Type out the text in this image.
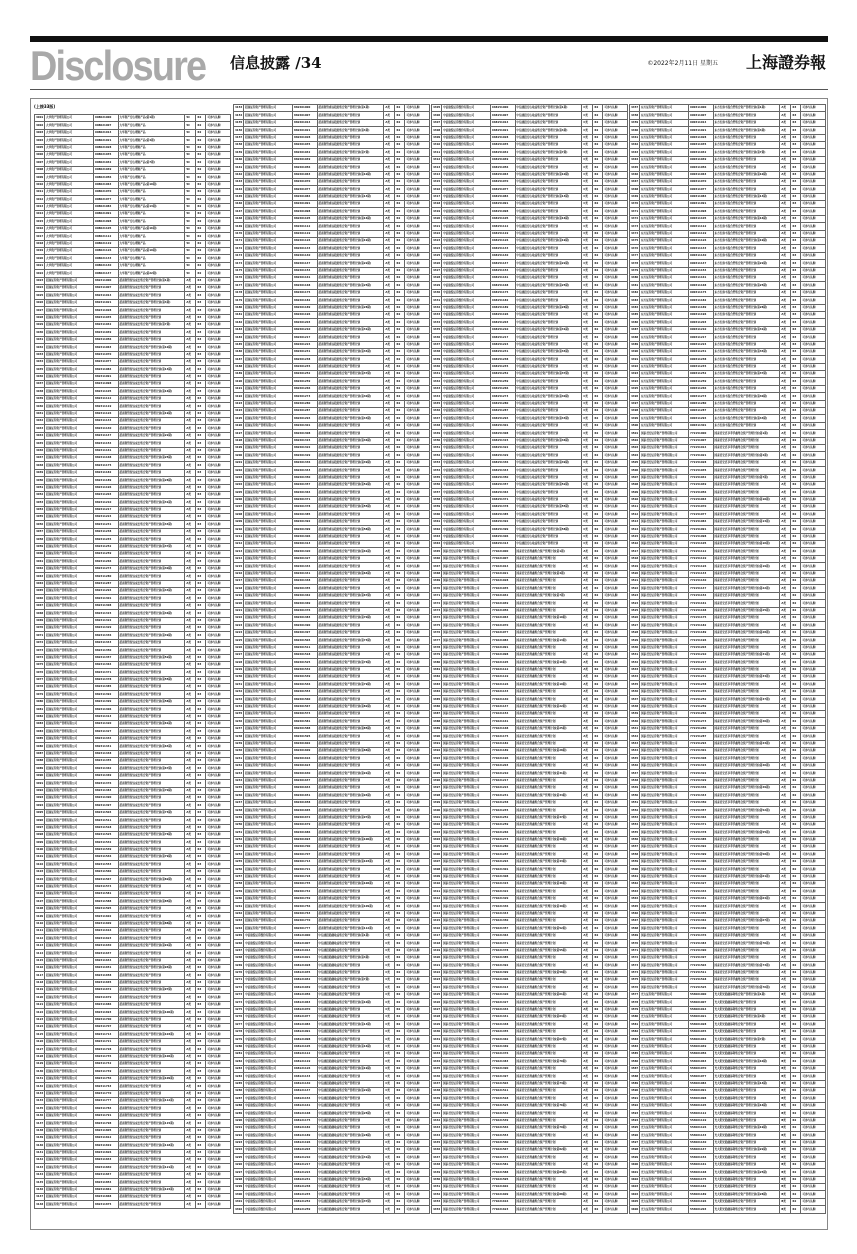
Disclosure 信息披露 /34	©2022年2月11日 星期五 上海證券報
(上接33版)
4001	大华资产管理有限公司	008021000	大华资产安心理财产品(第1期)	5C	R2	可参与认购
4002	大华资产管理有限公司	008021007	大华资产安心理财产品	5C	R2	可参与认购
4003	大华资产管理有限公司	008021014	大华资产安心理财产品	5C	R2	可参与认购
4004	大华资产管理有限公司	008021021	大华资产安心理财产品(第4期)	5C	R2	可参与认购
4005	大华资产管理有限公司	008021028	大华资产安心理财产品	5C	R2	可参与认购
4006	大华资产管理有限公司	008021035	大华资产安心理财产品	5C	R2	可参与认购
4007	大华资产管理有限公司	008021042	大华资产安心理财产品(第7期)	5C	R2	可参与认购
4008	大华资产管理有限公司	008021049	大华资产安心理财产品	5C	R2	可参与认购
4009	大华资产管理有限公司	008021056	大华资产安心理财产品	5C	R2	可参与认购
4010	大华资产管理有限公司	008021063	大华资产安心理财产品(第10期)	5C	R2	可参与认购
4011	大华资产管理有限公司	008021070	大华资产安心理财产品	5C	R2	可参与认购
4012	大华资产管理有限公司	008021077	大华资产安心理财产品	5C	R2	可参与认购
4013	大华资产管理有限公司	008021084	大华资产安心理财产品(第13期)	5C	R2	可参与认购
4014	大华资产管理有限公司	008021091	大华资产安心理财产品	5C	R2	可参与认购
4015	大华资产管理有限公司	008021098	大华资产安心理财产品	5C	R2	可参与认购
4016	大华资产管理有限公司	008021105	大华资产安心理财产品(第16期)	5C	R2	可参与认购
4017	大华资产管理有限公司	008021112	大华资产安心理财产品	5C	R2	可参与认购
4018	大华资产管理有限公司	008021119	大华资产安心理财产品	5C	R2	可参与认购
4019	大华资产管理有限公司	008021126	大华资产安心理财产品(第19期)	5C	R2	可参与认购
4020	大华资产管理有限公司	008021133	大华资产安心理财产品	5C	R2	可参与认购
4021	大华资产管理有限公司	008021140	大华资产安心理财产品	5C	R2	可参与认购
4022	大华资产管理有限公司	008021147	大华资产安心理财产品(第22期)	5C	R2	可参与认购
4023	招商证券资产管理有限公司	882311000	招商资管智远成长集合资产管理计划(第1期)	A类	R3	可参与认购
4024	招商证券资产管理有限公司	882311007	招商资管智远成长集合资产管理计划	A类	R3	可参与认购
4025	招商证券资产管理有限公司	882311014	招商资管智远成长集合资产管理计划	A类	R3	可参与认购
4026	招商证券资产管理有限公司	882311021	招商资管智远成长集合资产管理计划(第4期)	A类	R3	可参与认购
4027	招商证券资产管理有限公司	882311028	招商资管智远成长集合资产管理计划	A类	R3	可参与认购
4028	招商证券资产管理有限公司	882311035	招商资管智远成长集合资产管理计划	A类	R3	可参与认购
4029	招商证券资产管理有限公司	882311042	招商资管智远成长集合资产管理计划(第7期)	A类	R3	可参与认购
4030	招商证券资产管理有限公司	882311049	招商资管智远成长集合资产管理计划	A类	R3	可参与认购
4031	招商证券资产管理有限公司	882311056	招商资管智远成长集合资产管理计划	A类	R3	可参与认购
4032	招商证券资产管理有限公司	882311063	招商资管智远成长集合资产管理计划(第10期)	A类	R3	可参与认购
4033	招商证券资产管理有限公司	882311070	招商资管智远成长集合资产管理计划	A类	R3	可参与认购
4034	招商证券资产管理有限公司	882311077	招商资管智远成长集合资产管理计划	A类	R3	可参与认购
4035	招商证券资产管理有限公司	882311084	招商资管智远成长集合资产管理计划(第13期)	A类	R3	可参与认购
4036	招商证券资产管理有限公司	882311091	招商资管智远成长集合资产管理计划	A类	R3	可参与认购
4037	招商证券资产管理有限公司	882311098	招商资管智远成长集合资产管理计划	A类	R3	可参与认购
4038	招商证券资产管理有限公司	882311105	招商资管智远成长集合资产管理计划(第16期)	A类	R3	可参与认购
4039	招商证券资产管理有限公司	882311112	招商资管智远成长集合资产管理计划	A类	R3	可参与认购
4040	招商证券资产管理有限公司	882311119	招商资管智远成长集合资产管理计划	A类	R3	可参与认购
4041	招商证券资产管理有限公司	882311126	招商资管智远成长集合资产管理计划(第19期)	A类	R3	可参与认购
4042	招商证券资产管理有限公司	882311133	招商资管智远成长集合资产管理计划	A类	R3	可参与认购
4043	招商证券资产管理有限公司	882311140	招商资管智远成长集合资产管理计划	A类	R3	可参与认购
4044	招商证券资产管理有限公司	882311147	招商资管智远成长集合资产管理计划(第22期)	A类	R3	可参与认购
4045	招商证券资产管理有限公司	882311154	招商资管智远成长集合资产管理计划	A类	R3	可参与认购
4046	招商证券资产管理有限公司	882311161	招商资管智远成长集合资产管理计划	A类	R3	可参与认购
4047	招商证券资产管理有限公司	882311168	招商资管智远成长集合资产管理计划(第25期)	A类	R3	可参与认购
4048	招商证券资产管理有限公司	882311175	招商资管智远成长集合资产管理计划	A类	R3	可参与认购
4049	招商证券资产管理有限公司	882311182	招商资管智远成长集合资产管理计划	A类	R3	可参与认购
4050	招商证券资产管理有限公司	882311189	招商资管智远成长集合资产管理计划(第28期)	A类	R3	可参与认购
4051	招商证券资产管理有限公司	882311196	招商资管智远成长集合资产管理计划	A类	R3	可参与认购
4052	招商证券资产管理有限公司	882311203	招商资管智远成长集合资产管理计划	A类	R3	可参与认购
4053	招商证券资产管理有限公司	882311210	招商资管智远成长集合资产管理计划(第31期)	A类	R3	可参与认购
4054	招商证券资产管理有限公司	882311217	招商资管智远成长集合资产管理计划	A类	R3	可参与认购
4055	招商证券资产管理有限公司	882311224	招商资管智远成长集合资产管理计划	A类	R3	可参与认购
4056	招商证券资产管理有限公司	882311231	招商资管智远成长集合资产管理计划(第34期)	A类	R3	可参与认购
4057	招商证券资产管理有限公司	882311238	招商资管智远成长集合资产管理计划	A类	R3	可参与认购
4058	招商证券资产管理有限公司	882311245	招商资管智远成长集合资产管理计划	A类	R3	可参与认购
4059	招商证券资产管理有限公司	882311252	招商资管智远成长集合资产管理计划(第37期)	A类	R3	可参与认购
4060	招商证券资产管理有限公司	882311259	招商资管智远成长集合资产管理计划	A类	R3	可参与认购
4061	招商证券资产管理有限公司	882311266	招商资管智远成长集合资产管理计划	A类	R3	可参与认购
4062	招商证券资产管理有限公司	882311273	招商资管智远成长集合资产管理计划(第40期)	A类	R3	可参与认购
4063	招商证券资产管理有限公司	882311280	招商资管智远成长集合资产管理计划	A类	R3	可参与认购
4064	招商证券资产管理有限公司	882311287	招商资管智远成长集合资产管理计划	A类	R3	可参与认购
4065	招商证券资产管理有限公司	882311294	招商资管智远成长集合资产管理计划(第43期)	A类	R3	可参与认购
4066	招商证券资产管理有限公司	882311301	招商资管智远成长集合资产管理计划	A类	R3	可参与认购
4067	招商证券资产管理有限公司	882311308	招商资管智远成长集合资产管理计划	A类	R3	可参与认购
4068	招商证券资产管理有限公司	882311315	招商资管智远成长集合资产管理计划(第46期)	A类	R3	可参与认购
4069	招商证券资产管理有限公司	882311322	招商资管智远成长集合资产管理计划	A类	R3	可参与认购
4070	招商证券资产管理有限公司	882311329	招商资管智远成长集合资产管理计划	A类	R3	可参与认购
4071	招商证券资产管理有限公司	882311336	招商资管智远成长集合资产管理计划(第49期)	A类	R3	可参与认购
4072	招商证券资产管理有限公司	882311343	招商资管智远成长集合资产管理计划	A类	R3	可参与认购
4073	招商证券资产管理有限公司	882311350	招商资管智远成长集合资产管理计划	A类	R3	可参与认购
4074	招商证券资产管理有限公司	882311357	招商资管智远成长集合资产管理计划(第52期)	A类	R3	可参与认购
4075	招商证券资产管理有限公司	882311364	招商资管智远成长集合资产管理计划	A类	R3	可参与认购
4076	招商证券资产管理有限公司	882311371	招商资管智远成长集合资产管理计划	A类	R3	可参与认购
4077	招商证券资产管理有限公司	882311378	招商资管智远成长集合资产管理计划(第55期)	A类	R3	可参与认购
4078	招商证券资产管理有限公司	882311385	招商资管智远成长集合资产管理计划	A类	R3	可参与认购
4079	招商证券资产管理有限公司	882311392	招商资管智远成长集合资产管理计划	A类	R3	可参与认购
4080	招商证券资产管理有限公司	882311399	招商资管智远成长集合资产管理计划(第58期)	A类	R3	可参与认购
4081	招商证券资产管理有限公司	882311406	招商资管智远成长集合资产管理计划	A类	R3	可参与认购
4082	招商证券资产管理有限公司	882311413	招商资管智远成长集合资产管理计划	A类	R3	可参与认购
4083	招商证券资产管理有限公司	882311420	招商资管智远成长集合资产管理计划(第61期)	A类	R3	可参与认购
4084	招商证券资产管理有限公司	882311427	招商资管智远成长集合资产管理计划	A类	R3	可参与认购
4085	招商证券资产管理有限公司	882311434	招商资管智远成长集合资产管理计划	A类	R3	可参与认购
4086	招商证券资产管理有限公司	882311441	招商资管智远成长集合资产管理计划(第64期)	A类	R3	可参与认购
4087	招商证券资产管理有限公司	882311448	招商资管智远成长集合资产管理计划	A类	R3	可参与认购
4088	招商证券资产管理有限公司	882311455	招商资管智远成长集合资产管理计划	A类	R3	可参与认购
4089	招商证券资产管理有限公司	882311462	招商资管智远成长集合资产管理计划(第67期)	A类	R3	可参与认购
4090	招商证券资产管理有限公司	882311469	招商资管智远成长集合资产管理计划	A类	R3	可参与认购
4091	招商证券资产管理有限公司	882311476	招商资管智远成长集合资产管理计划	A类	R3	可参与认购
4092	招商证券资产管理有限公司	882311483	招商资管智远成长集合资产管理计划(第70期)	A类	R3	可参与认购
4093	招商证券资产管理有限公司	882311490	招商资管智远成长集合资产管理计划	A类	R3	可参与认购
4094	招商证券资产管理有限公司	882311497	招商资管智远成长集合资产管理计划	A类	R3	可参与认购
4095	招商证券资产管理有限公司	882311504	招商资管智远成长集合资产管理计划(第73期)	A类	R3	可参与认购
4096	招商证券资产管理有限公司	882311511	招商资管智远成长集合资产管理计划	A类	R3	可参与认购
4097	招商证券资产管理有限公司	882311518	招商资管智远成长集合资产管理计划	A类	R3	可参与认购
4098	招商证券资产管理有限公司	882311525	招商资管智远成长集合资产管理计划(第76期)	A类	R3	可参与认购
4099	招商证券资产管理有限公司	882311532	招商资管智远成长集合资产管理计划	A类	R3	可参与认购
4100	招商证券资产管理有限公司	882311539	招商资管智远成长集合资产管理计划	A类	R3	可参与认购
4101	招商证券资产管理有限公司	882311546	招商资管智远成长集合资产管理计划(第79期)	A类	R3	可参与认购
4102	招商证券资产管理有限公司	882311553	招商资管智远成长集合资产管理计划	A类	R3	可参与认购
4103	招商证券资产管理有限公司	882311560	招商资管智远成长集合资产管理计划	A类	R3	可参与认购
4104	招商证券资产管理有限公司	882311567	招商资管智远成长集合资产管理计划(第82期)	A类	R3	可参与认购
4105	招商证券资产管理有限公司	882311574	招商资管智远成长集合资产管理计划	A类	R3	可参与认购
4106	招商证券资产管理有限公司	882311581	招商资管智远成长集合资产管理计划	A类	R3	可参与认购
4107	招商证券资产管理有限公司	882311588	招商资管智远成长集合资产管理计划(第85期)	A类	R3	可参与认购
4108	招商证券资产管理有限公司	882311595	招商资管智远成长集合资产管理计划	A类	R3	可参与认购
4109	招商证券资产管理有限公司	882311602	招商资管智远成长集合资产管理计划	A类	R3	可参与认购
4110	招商证券资产管理有限公司	882311609	招商资管智远成长集合资产管理计划(第88期)	A类	R3	可参与认购
4111	招商证券资产管理有限公司	882311616	招商资管智远成长集合资产管理计划	A类	R3	可参与认购
4112	招商证券资产管理有限公司	882311623	招商资管智远成长集合资产管理计划	A类	R3	可参与认购
4113	招商证券资产管理有限公司	882311630	招商资管智远成长集合资产管理计划(第91期)	A类	R3	可参与认购
4114	招商证券资产管理有限公司	882311637	招商资管智远成长集合资产管理计划	A类	R3	可参与认购
4115	招商证券资产管理有限公司	882311644	招商资管智远成长集合资产管理计划	A类	R3	可参与认购
4116	招商证券资产管理有限公司	882311651	招商资管智远成长集合资产管理计划(第94期)	A类	R3	可参与认购
4117	招商证券资产管理有限公司	882311658	招商资管智远成长集合资产管理计划	A类	R3	可参与认购
4118	招商证券资产管理有限公司	882311665	招商资管智远成长集合资产管理计划	A类	R3	可参与认购
4119	招商证券资产管理有限公司	882311672	招商资管智远成长集合资产管理计划(第97期)	A类	R3	可参与认购
4120	招商证券资产管理有限公司	882311679	招商资管智远成长集合资产管理计划	A类	R3	可参与认购
4121	招商证券资产管理有限公司	882311686	招商资管智远成长集合资产管理计划	A类	R3	可参与认购
4122	招商证券资产管理有限公司	882311693	招商资管智远成长集合资产管理计划(第100期)	A类	R3	可参与认购
4123	招商证券资产管理有限公司	882311700	招商资管智远成长集合资产管理计划	A类	R3	可参与认购
4124	招商证券资产管理有限公司	882311707	招商资管智远成长集合资产管理计划	A类	R3	可参与认购
4125	招商证券资产管理有限公司	882311714	招商资管智远成长集合资产管理计划(第103期)	A类	R3	可参与认购
4126	招商证券资产管理有限公司	882311721	招商资管智远成长集合资产管理计划	A类	R3	可参与认购
4127	招商证券资产管理有限公司	882311728	招商资管智远成长集合资产管理计划	A类	R3	可参与认购
4128	招商证券资产管理有限公司	882311735	招商资管智远成长集合资产管理计划(第106期)	A类	R3	可参与认购
4129	招商证券资产管理有限公司	882311742	招商资管智远成长集合资产管理计划	A类	R3	可参与认购
4130	招商证券资产管理有限公司	882311749	招商资管智远成长集合资产管理计划	A类	R3	可参与认购
4131	招商证券资产管理有限公司	882311756	招商资管智远成长集合资产管理计划(第109期)	A类	R3	可参与认购
4132	招商证券资产管理有限公司	882311763	招商资管智远成长集合资产管理计划	A类	R3	可参与认购
4133	招商证券资产管理有限公司	882311770	招商资管智远成长集合资产管理计划	A类	R3	可参与认购
4134	招商证券资产管理有限公司	882311777	招商资管智远成长集合资产管理计划(第112期)	A类	R3	可参与认购
4135	招商证券资产管理有限公司	882311784	招商资管智远成长集合资产管理计划	A类	R3	可参与认购
4136	招商证券资产管理有限公司	882311791	招商资管智远成长集合资产管理计划	A类	R3	可参与认购
4137	招商证券资产管理有限公司	882311798	招商资管智远成长集合资产管理计划(第115期)	A类	R3	可参与认购
4138	招商证券资产管理有限公司	882311805	招商资管智远成长集合资产管理计划	A类	R3	可参与认购
4139	招商证券资产管理有限公司	882311812	招商资管智远成长集合资产管理计划	A类	R3	可参与认购
4140	招商证券资产管理有限公司	882311819	招商资管智远成长集合资产管理计划(第118期)	A类	R3	可参与认购
4141	招商证券资产管理有限公司	882311826	招商资管智远成长集合资产管理计划	A类	R3	可参与认购
4142	招商证券资产管理有限公司	882311833	招商资管智远成长集合资产管理计划	A类	R3	可参与认购
4143	招商证券资产管理有限公司	882311840	招商资管智远成长集合资产管理计划(第121期)	A类	R3	可参与认购
4144	招商证券资产管理有限公司	882311847	招商资管智远成长集合资产管理计划	A类	R3	可参与认购
4145	招商证券资产管理有限公司	882311854	招商资管智远成长集合资产管理计划	A类	R3	可参与认购
4146	招商证券资产管理有限公司	882311861	招商资管智远成长集合资产管理计划(第124期)	A类	R3	可参与认购
4147	招商证券资产管理有限公司	882311868	招商资管智远成长集合资产管理计划	A类	R3	可参与认购
4148	招商证券资产管理有限公司	882311875	招商资管智远成长集合资产管理计划	A类	R3	可参与认购
4153	招商证券资产管理有限公司	882401000	招商资管睿远稳进集合资产管理计划(第1期)	A类	R2	可参与认购
4154	招商证券资产管理有限公司	882401007	招商资管睿远稳进集合资产管理计划	A类	R2	可参与认购
4155	招商证券资产管理有限公司	882401014	招商资管睿远稳进集合资产管理计划	A类	R2	可参与认购
4156	招商证券资产管理有限公司	882401021	招商资管睿远稳进集合资产管理计划(第4期)	A类	R2	可参与认购
4157	招商证券资产管理有限公司	882401028	招商资管睿远稳进集合资产管理计划	A类	R2	可参与认购
4158	招商证券资产管理有限公司	882401035	招商资管睿远稳进集合资产管理计划	A类	R2	可参与认购
4159	招商证券资产管理有限公司	882401042	招商资管睿远稳进集合资产管理计划(第7期)	A类	R2	可参与认购
4160	招商证券资产管理有限公司	882401049	招商资管睿远稳进集合资产管理计划	A类	R2	可参与认购
4161	招商证券资产管理有限公司	882401056	招商资管睿远稳进集合资产管理计划	A类	R2	可参与认购
4162	招商证券资产管理有限公司	882401063	招商资管睿远稳进集合资产管理计划(第10期)	A类	R2	可参与认购
4163	招商证券资产管理有限公司	882401070	招商资管睿远稳进集合资产管理计划	A类	R2	可参与认购
4164	招商证券资产管理有限公司	882401077	招商资管睿远稳进集合资产管理计划	A类	R2	可参与认购
4165	招商证券资产管理有限公司	882401084	招商资管睿远稳进集合资产管理计划(第13期)	A类	R2	可参与认购
4166	招商证券资产管理有限公司	882401091	招商资管睿远稳进集合资产管理计划	A类	R2	可参与认购
4167	招商证券资产管理有限公司	882401098	招商资管睿远稳进集合资产管理计划	A类	R2	可参与认购
4168	招商证券资产管理有限公司	882401105	招商资管睿远稳进集合资产管理计划(第16期)	A类	R2	可参与认购
4169	招商证券资产管理有限公司	882401112	招商资管睿远稳进集合资产管理计划	A类	R2	可参与认购
4170	招商证券资产管理有限公司	882401119	招商资管睿远稳进集合资产管理计划	A类	R2	可参与认购
4171	招商证券资产管理有限公司	882401126	招商资管睿远稳进集合资产管理计划(第19期)	A类	R2	可参与认购
4172	招商证券资产管理有限公司	882401133	招商资管睿远稳进集合资产管理计划	A类	R2	可参与认购
4173	招商证券资产管理有限公司	882401140	招商资管睿远稳进集合资产管理计划	A类	R2	可参与认购
4174	招商证券资产管理有限公司	882401147	招商资管睿远稳进集合资产管理计划(第22期)	A类	R2	可参与认购
4175	招商证券资产管理有限公司	882401154	招商资管睿远稳进集合资产管理计划	A类	R2	可参与认购
4176	招商证券资产管理有限公司	882401161	招商资管睿远稳进集合资产管理计划	A类	R2	可参与认购
4177	招商证券资产管理有限公司	882401168	招商资管睿远稳进集合资产管理计划(第25期)	A类	R2	可参与认购
4178	招商证券资产管理有限公司	882401175	招商资管睿远稳进集合资产管理计划	A类	R2	可参与认购
4179	招商证券资产管理有限公司	882401182	招商资管睿远稳进集合资产管理计划	A类	R2	可参与认购
4180	招商证券资产管理有限公司	882401189	招商资管睿远稳进集合资产管理计划(第28期)	A类	R2	可参与认购
4181	招商证券资产管理有限公司	882401196	招商资管睿远稳进集合资产管理计划	A类	R2	可参与认购
4182	招商证券资产管理有限公司	882401203	招商资管睿远稳进集合资产管理计划	A类	R2	可参与认购
4183	招商证券资产管理有限公司	882401210	招商资管睿远稳进集合资产管理计划(第31期)	A类	R2	可参与认购
4184	招商证券资产管理有限公司	882401217	招商资管睿远稳进集合资产管理计划	A类	R2	可参与认购
4185	招商证券资产管理有限公司	882401224	招商资管睿远稳进集合资产管理计划	A类	R2	可参与认购
4186	招商证券资产管理有限公司	882401231	招商资管睿远稳进集合资产管理计划(第34期)	A类	R2	可参与认购
4187	招商证券资产管理有限公司	882401238	招商资管睿远稳进集合资产管理计划	A类	R2	可参与认购
4188	招商证券资产管理有限公司	882401245	招商资管睿远稳进集合资产管理计划	A类	R2	可参与认购
4189	招商证券资产管理有限公司	882401252	招商资管睿远稳进集合资产管理计划(第37期)	A类	R2	可参与认购
4190	招商证券资产管理有限公司	882401259	招商资管睿远稳进集合资产管理计划	A类	R2	可参与认购
4191	招商证券资产管理有限公司	882401266	招商资管睿远稳进集合资产管理计划	A类	R2	可参与认购
4192	招商证券资产管理有限公司	882401273	招商资管睿远稳进集合资产管理计划(第40期)	A类	R2	可参与认购
4193	招商证券资产管理有限公司	882401280	招商资管睿远稳进集合资产管理计划	A类	R2	可参与认购
4194	招商证券资产管理有限公司	882401287	招商资管睿远稳进集合资产管理计划	A类	R2	可参与认购
4195	招商证券资产管理有限公司	882401294	招商资管睿远稳进集合资产管理计划(第43期)	A类	R2	可参与认购
4196	招商证券资产管理有限公司	882401301	招商资管睿远稳进集合资产管理计划	A类	R2	可参与认购
4197	招商证券资产管理有限公司	882401308	招商资管睿远稳进集合资产管理计划	A类	R2	可参与认购
4198	招商证券资产管理有限公司	882401315	招商资管睿远稳进集合资产管理计划(第46期)	A类	R2	可参与认购
4199	招商证券资产管理有限公司	882401322	招商资管睿远稳进集合资产管理计划	A类	R2	可参与认购
4200	招商证券资产管理有限公司	882401329	招商资管睿远稳进集合资产管理计划	A类	R2	可参与认购
4201	招商证券资产管理有限公司	882401336	招商资管睿远稳进集合资产管理计划(第49期)	A类	R2	可参与认购
4202	招商证券资产管理有限公司	882401343	招商资管睿远稳进集合资产管理计划	A类	R2	可参与认购
4203	招商证券资产管理有限公司	882401350	招商资管睿远稳进集合资产管理计划	A类	R2	可参与认购
4204	招商证券资产管理有限公司	882401357	招商资管睿远稳进集合资产管理计划(第52期)	A类	R2	可参与认购
4205	招商证券资产管理有限公司	882401364	招商资管睿远稳进集合资产管理计划	A类	R2	可参与认购
4206	招商证券资产管理有限公司	882401371	招商资管睿远稳进集合资产管理计划	A类	R2	可参与认购
4207	招商证券资产管理有限公司	882401378	招商资管睿远稳进集合资产管理计划(第55期)	A类	R2	可参与认购
4208	招商证券资产管理有限公司	882401385	招商资管睿远稳进集合资产管理计划	A类	R2	可参与认购
4209	招商证券资产管理有限公司	882401392	招商资管睿远稳进集合资产管理计划	A类	R2	可参与认购
4210	招商证券资产管理有限公司	882401399	招商资管睿远稳进集合资产管理计划(第58期)	A类	R2	可参与认购
4211	招商证券资产管理有限公司	882401406	招商资管睿远稳进集合资产管理计划	A类	R2	可参与认购
4212	招商证券资产管理有限公司	882401413	招商资管睿远稳进集合资产管理计划	A类	R2	可参与认购
4213	招商证券资产管理有限公司	882401420	招商资管睿远稳进集合资产管理计划(第61期)	A类	R2	可参与认购
4214	招商证券资产管理有限公司	882401427	招商资管睿远稳进集合资产管理计划	A类	R2	可参与认购
4215	招商证券资产管理有限公司	882401434	招商资管睿远稳进集合资产管理计划	A类	R2	可参与认购
4216	招商证券资产管理有限公司	882401441	招商资管睿远稳进集合资产管理计划(第64期)	A类	R2	可参与认购
4217	招商证券资产管理有限公司	882401448	招商资管睿远稳进集合资产管理计划	A类	R2	可参与认购
4218	招商证券资产管理有限公司	882401455	招商资管睿远稳进集合资产管理计划	A类	R2	可参与认购
4219	招商证券资产管理有限公司	882401462	招商资管睿远稳进集合资产管理计划(第67期)	A类	R2	可参与认购
4220	招商证券资产管理有限公司	882401469	招商资管睿远稳进集合资产管理计划	A类	R2	可参与认购
4221	招商证券资产管理有限公司	882401476	招商资管睿远稳进集合资产管理计划	A类	R2	可参与认购
4222	招商证券资产管理有限公司	882401483	招商资管睿远稳进集合资产管理计划(第70期)	A类	R2	可参与认购
4223	招商证券资产管理有限公司	882401490	招商资管睿远稳进集合资产管理计划	A类	R2	可参与认购
4224	招商证券资产管理有限公司	882401497	招商资管睿远稳进集合资产管理计划	A类	R2	可参与认购
4225	招商证券资产管理有限公司	882401504	招商资管睿远稳进集合资产管理计划(第73期)	A类	R2	可参与认购
4226	招商证券资产管理有限公司	882401511	招商资管睿远稳进集合资产管理计划	A类	R2	可参与认购
4227	招商证券资产管理有限公司	882401518	招商资管睿远稳进集合资产管理计划	A类	R2	可参与认购
4228	招商证券资产管理有限公司	882401525	招商资管睿远稳进集合资产管理计划(第76期)	A类	R2	可参与认购
4229	招商证券资产管理有限公司	882401532	招商资管睿远稳进集合资产管理计划	A类	R2	可参与认购
4230	招商证券资产管理有限公司	882401539	招商资管睿远稳进集合资产管理计划	A类	R2	可参与认购
4231	招商证券资产管理有限公司	882401546	招商资管睿远稳进集合资产管理计划(第79期)	A类	R2	可参与认购
4232	招商证券资产管理有限公司	882401553	招商资管睿远稳进集合资产管理计划	A类	R2	可参与认购
4233	招商证券资产管理有限公司	882401560	招商资管睿远稳进集合资产管理计划	A类	R2	可参与认购
4234	招商证券资产管理有限公司	882401567	招商资管睿远稳进集合资产管理计划(第82期)	A类	R2	可参与认购
4235	招商证券资产管理有限公司	882401574	招商资管睿远稳进集合资产管理计划	A类	R2	可参与认购
4236	招商证券资产管理有限公司	882401581	招商资管睿远稳进集合资产管理计划	A类	R2	可参与认购
4237	招商证券资产管理有限公司	882401588	招商资管睿远稳进集合资产管理计划(第85期)	A类	R2	可参与认购
4238	招商证券资产管理有限公司	882401595	招商资管睿远稳进集合资产管理计划	A类	R2	可参与认购
4239	招商证券资产管理有限公司	882401602	招商资管睿远稳进集合资产管理计划	A类	R2	可参与认购
4240	招商证券资产管理有限公司	882401609	招商资管睿远稳进集合资产管理计划(第88期)	A类	R2	可参与认购
4241	招商证券资产管理有限公司	882401616	招商资管睿远稳进集合资产管理计划	A类	R2	可参与认购
4242	招商证券资产管理有限公司	882401623	招商资管睿远稳进集合资产管理计划	A类	R2	可参与认购
4243	招商证券资产管理有限公司	882401630	招商资管睿远稳进集合资产管理计划(第91期)	A类	R2	可参与认购
4244	招商证券资产管理有限公司	882401637	招商资管睿远稳进集合资产管理计划	A类	R2	可参与认购
4245	招商证券资产管理有限公司	882401644	招商资管睿远稳进集合资产管理计划	A类	R2	可参与认购
4246	招商证券资产管理有限公司	882401651	招商资管睿远稳进集合资产管理计划(第94期)	A类	R2	可参与认购
4247	招商证券资产管理有限公司	882401658	招商资管睿远稳进集合资产管理计划	A类	R2	可参与认购
4248	招商证券资产管理有限公司	882401665	招商资管睿远稳进集合资产管理计划	A类	R2	可参与认购
4249	招商证券资产管理有限公司	882401672	招商资管睿远稳进集合资产管理计划(第97期)	A类	R2	可参与认购
4250	招商证券资产管理有限公司	882401679	招商资管睿远稳进集合资产管理计划	A类	R2	可参与认购
4251	招商证券资产管理有限公司	882401686	招商资管睿远稳进集合资产管理计划	A类	R2	可参与认购
4252	招商证券资产管理有限公司	882401693	招商资管睿远稳进集合资产管理计划(第100期)	A类	R2	可参与认购
4253	招商证券资产管理有限公司	882401700	招商资管睿远稳进集合资产管理计划	A类	R2	可参与认购
4254	招商证券资产管理有限公司	882401707	招商资管睿远稳进集合资产管理计划	A类	R2	可参与认购
4255	招商证券资产管理有限公司	882401714	招商资管睿远稳进集合资产管理计划(第103期)	A类	R2	可参与认购
4256	招商证券资产管理有限公司	882401721	招商资管睿远稳进集合资产管理计划	A类	R2	可参与认购
4257	招商证券资产管理有限公司	882401728	招商资管睿远稳进集合资产管理计划	A类	R2	可参与认购
4258	招商证券资产管理有限公司	882401735	招商资管睿远稳进集合资产管理计划(第106期)	A类	R2	可参与认购
4259	招商证券资产管理有限公司	882401742	招商资管睿远稳进集合资产管理计划	A类	R2	可参与认购
4260	招商证券资产管理有限公司	882401749	招商资管睿远稳进集合资产管理计划	A类	R2	可参与认购
4261	招商证券资产管理有限公司	882401756	招商资管睿远稳进集合资产管理计划(第109期)	A类	R2	可参与认购
4262	招商证券资产管理有限公司	882401763	招商资管睿远稳进集合资产管理计划	A类	R2	可参与认购
4263	招商证券资产管理有限公司	882401770	招商资管睿远稳进集合资产管理计划	A类	R2	可参与认购
4264	招商证券资产管理有限公司	882401777	招商资管睿远稳进集合资产管理计划(第112期)	A类	R2	可参与认购
4265	中信建投证券股份有限公司	668121000	中信建投稳健收益集合资产管理计划(第1期)	C类	R2	可参与认购
4266	中信建投证券股份有限公司	668121007	中信建投稳健收益集合资产管理计划	C类	R2	可参与认购
4267	中信建投证券股份有限公司	668121014	中信建投稳健收益集合资产管理计划	C类	R2	可参与认购
4268	中信建投证券股份有限公司	668121021	中信建投稳健收益集合资产管理计划(第4期)	C类	R2	可参与认购
4269	中信建投证券股份有限公司	668121028	中信建投稳健收益集合资产管理计划	C类	R2	可参与认购
4270	中信建投证券股份有限公司	668121035	中信建投稳健收益集合资产管理计划	C类	R2	可参与认购
4271	中信建投证券股份有限公司	668121042	中信建投稳健收益集合资产管理计划(第7期)	C类	R2	可参与认购
4272	中信建投证券股份有限公司	668121049	中信建投稳健收益集合资产管理计划	C类	R2	可参与认购
4273	中信建投证券股份有限公司	668121056	中信建投稳健收益集合资产管理计划	C类	R2	可参与认购
4274	中信建投证券股份有限公司	668121063	中信建投稳健收益集合资产管理计划(第10期)	C类	R2	可参与认购
4275	中信建投证券股份有限公司	668121070	中信建投稳健收益集合资产管理计划	C类	R2	可参与认购
4276	中信建投证券股份有限公司	668121077	中信建投稳健收益集合资产管理计划	C类	R2	可参与认购
4277	中信建投证券股份有限公司	668121084	中信建投稳健收益集合资产管理计划(第13期)	C类	R2	可参与认购
4278	中信建投证券股份有限公司	668121091	中信建投稳健收益集合资产管理计划	C类	R2	可参与认购
4279	中信建投证券股份有限公司	668121098	中信建投稳健收益集合资产管理计划	C类	R2	可参与认购
4280	中信建投证券股份有限公司	668121105	中信建投稳健收益集合资产管理计划(第16期)	C类	R2	可参与认购
4281	中信建投证券股份有限公司	668121112	中信建投稳健收益集合资产管理计划	C类	R2	可参与认购
4282	中信建投证券股份有限公司	668121119	中信建投稳健收益集合资产管理计划	C类	R2	可参与认购
4283	中信建投证券股份有限公司	668121126	中信建投稳健收益集合资产管理计划(第19期)	C类	R2	可参与认购
4284	中信建投证券股份有限公司	668121133	中信建投稳健收益集合资产管理计划	C类	R2	可参与认购
4285	中信建投证券股份有限公司	668121140	中信建投稳健收益集合资产管理计划	C类	R2	可参与认购
4286	中信建投证券股份有限公司	668121147	中信建投稳健收益集合资产管理计划(第22期)	C类	R2	可参与认购
4287	中信建投证券股份有限公司	668121154	中信建投稳健收益集合资产管理计划	C类	R2	可参与认购
4288	中信建投证券股份有限公司	668121161	中信建投稳健收益集合资产管理计划	C类	R2	可参与认购
4289	中信建投证券股份有限公司	668121168	中信建投稳健收益集合资产管理计划(第25期)	C类	R2	可参与认购
4290	中信建投证券股份有限公司	668121175	中信建投稳健收益集合资产管理计划	C类	R2	可参与认购
4291	中信建投证券股份有限公司	668121182	中信建投稳健收益集合资产管理计划	C类	R2	可参与认购
4292	中信建投证券股份有限公司	668121189	中信建投稳健收益集合资产管理计划(第28期)	C类	R2	可参与认购
4293	中信建投证券股份有限公司	668121196	中信建投稳健收益集合资产管理计划	C类	R2	可参与认购
4294	中信建投证券股份有限公司	668121203	中信建投稳健收益集合资产管理计划	C类	R2	可参与认购
4295	中信建投证券股份有限公司	668121210	中信建投稳健收益集合资产管理计划(第31期)	C类	R2	可参与认购
4296	中信建投证券股份有限公司	668121217	中信建投稳健收益集合资产管理计划	C类	R2	可参与认购
4297	中信建投证券股份有限公司	668121224	中信建投稳健收益集合资产管理计划	C类	R2	可参与认购
4298	中信建投证券股份有限公司	668121231	中信建投稳健收益集合资产管理计划(第34期)	C类	R2	可参与认购
4299	中信建投证券股份有限公司	668121238	中信建投稳健收益集合资产管理计划	C类	R2	可参与认购
4300	中信建投证券股份有限公司	668121245	中信建投稳健收益集合资产管理计划	C类	R2	可参与认购
4301	中信建投证券股份有限公司	668121252	中信建投稳健收益集合资产管理计划(第37期)	C类	R2	可参与认购
4302	中信建投证券股份有限公司	668121259	中信建投稳健收益集合资产管理计划	C类	R2	可参与认购
4305	中信建投证券股份有限公司	668151000	中信建投安心收益集合资产管理计划(第1期)	C类	R2	可参与认购
4306	中信建投证券股份有限公司	668151007	中信建投安心收益集合资产管理计划	C类	R2	可参与认购
4307	中信建投证券股份有限公司	668151014	中信建投安心收益集合资产管理计划	C类	R2	可参与认购
4308	中信建投证券股份有限公司	668151021	中信建投安心收益集合资产管理计划(第4期)	C类	R2	可参与认购
4309	中信建投证券股份有限公司	668151028	中信建投安心收益集合资产管理计划	C类	R2	可参与认购
4310	中信建投证券股份有限公司	668151035	中信建投安心收益集合资产管理计划	C类	R2	可参与认购
4311	中信建投证券股份有限公司	668151042	中信建投安心收益集合资产管理计划(第7期)	C类	R2	可参与认购
4312	中信建投证券股份有限公司	668151049	中信建投安心收益集合资产管理计划	C类	R2	可参与认购
4313	中信建投证券股份有限公司	668151056	中信建投安心收益集合资产管理计划	C类	R2	可参与认购
4314	中信建投证券股份有限公司	668151063	中信建投安心收益集合资产管理计划(第10期)	C类	R2	可参与认购
4315	中信建投证券股份有限公司	668151070	中信建投安心收益集合资产管理计划	C类	R2	可参与认购
4316	中信建投证券股份有限公司	668151077	中信建投安心收益集合资产管理计划	C类	R2	可参与认购
4317	中信建投证券股份有限公司	668151084	中信建投安心收益集合资产管理计划(第13期)	C类	R2	可参与认购
4318	中信建投证券股份有限公司	668151091	中信建投安心收益集合资产管理计划	C类	R2	可参与认购
4319	中信建投证券股份有限公司	668151098	中信建投安心收益集合资产管理计划	C类	R2	可参与认购
4320	中信建投证券股份有限公司	668151105	中信建投安心收益集合资产管理计划(第16期)	C类	R2	可参与认购
4321	中信建投证券股份有限公司	668151112	中信建投安心收益集合资产管理计划	C类	R2	可参与认购
4322	中信建投证券股份有限公司	668151119	中信建投安心收益集合资产管理计划	C类	R2	可参与认购
4323	中信建投证券股份有限公司	668151126	中信建投安心收益集合资产管理计划(第19期)	C类	R2	可参与认购
4324	中信建投证券股份有限公司	668151133	中信建投安心收益集合资产管理计划	C类	R2	可参与认购
4325	中信建投证券股份有限公司	668151140	中信建投安心收益集合资产管理计划	C类	R2	可参与认购
4326	中信建投证券股份有限公司	668151147	中信建投安心收益集合资产管理计划(第22期)	C类	R2	可参与认购
4327	中信建投证券股份有限公司	668151154	中信建投安心收益集合资产管理计划	C类	R2	可参与认购
4328	中信建投证券股份有限公司	668151161	中信建投安心收益集合资产管理计划	C类	R2	可参与认购
4329	中信建投证券股份有限公司	668151168	中信建投安心收益集合资产管理计划(第25期)	C类	R2	可参与认购
4330	中信建投证券股份有限公司	668151175	中信建投安心收益集合资产管理计划	C类	R2	可参与认购
4331	中信建投证券股份有限公司	668151182	中信建投安心收益集合资产管理计划	C类	R2	可参与认购
4332	中信建投证券股份有限公司	668151189	中信建投安心收益集合资产管理计划(第28期)	C类	R2	可参与认购
4333	中信建投证券股份有限公司	668151196	中信建投安心收益集合资产管理计划	C类	R2	可参与认购
4334	中信建投证券股份有限公司	668151203	中信建投安心收益集合资产管理计划	C类	R2	可参与认购
4335	中信建投证券股份有限公司	668151210	中信建投安心收益集合资产管理计划(第31期)	C类	R2	可参与认购
4336	中信建投证券股份有限公司	668151217	中信建投安心收益集合资产管理计划	C类	R2	可参与认购
4337	中信建投证券股份有限公司	668151224	中信建投安心收益集合资产管理计划	C类	R2	可参与认购
4338	中信建投证券股份有限公司	668151231	中信建投安心收益集合资产管理计划(第34期)	C类	R2	可参与认购
4339	中信建投证券股份有限公司	668151238	中信建投安心收益集合资产管理计划	C类	R2	可参与认购
4340	中信建投证券股份有限公司	668151245	中信建投安心收益集合资产管理计划	C类	R2	可参与认购
4341	中信建投证券股份有限公司	668151252	中信建投安心收益集合资产管理计划(第37期)	C类	R2	可参与认购
4342	中信建投证券股份有限公司	668151259	中信建投安心收益集合资产管理计划	C类	R2	可参与认购
4343	中信建投证券股份有限公司	668151266	中信建投安心收益集合资产管理计划	C类	R2	可参与认购
4344	中信建投证券股份有限公司	668151273	中信建投安心收益集合资产管理计划(第40期)	C类	R2	可参与认购
4345	中信建投证券股份有限公司	668151280	中信建投安心收益集合资产管理计划	C类	R2	可参与认购
4346	中信建投证券股份有限公司	668151287	中信建投安心收益集合资产管理计划	C类	R2	可参与认购
4347	中信建投证券股份有限公司	668151294	中信建投安心收益集合资产管理计划(第43期)	C类	R2	可参与认购
4348	中信建投证券股份有限公司	668151301	中信建投安心收益集合资产管理计划	C类	R2	可参与认购
4349	中信建投证券股份有限公司	668151308	中信建投安心收益集合资产管理计划	C类	R2	可参与认购
4350	中信建投证券股份有限公司	668151315	中信建投安心收益集合资产管理计划(第46期)	C类	R2	可参与认购
4351	中信建投证券股份有限公司	668151322	中信建投安心收益集合资产管理计划	C类	R2	可参与认购
4352	中信建投证券股份有限公司	668151329	中信建投安心收益集合资产管理计划	C类	R2	可参与认购
4353	中信建投证券股份有限公司	668151336	中信建投安心收益集合资产管理计划(第49期)	C类	R2	可参与认购
4354	中信建投证券股份有限公司	668151343	中信建投安心收益集合资产管理计划	C类	R2	可参与认购
4355	中信建投证券股份有限公司	668151350	中信建投安心收益集合资产管理计划	C类	R2	可参与认购
4356	中信建投证券股份有限公司	668151357	中信建投安心收益集合资产管理计划(第52期)	C类	R2	可参与认购
4357	中信建投证券股份有限公司	668151364	中信建投安心收益集合资产管理计划	C类	R2	可参与认购
4358	中信建投证券股份有限公司	668151371	中信建投安心收益集合资产管理计划	C类	R2	可参与认购
4359	中信建投证券股份有限公司	668151378	中信建投安心收益集合资产管理计划(第55期)	C类	R2	可参与认购
4360	中信建投证券股份有限公司	668151385	中信建投安心收益集合资产管理计划	C类	R2	可参与认购
4361	中信建投证券股份有限公司	668151392	中信建投安心收益集合资产管理计划	C类	R2	可参与认购
4362	中信建投证券股份有限公司	668151399	中信建投安心收益集合资产管理计划(第58期)	C类	R2	可参与认购
4363	中信建投证券股份有限公司	668151406	中信建投安心收益集合资产管理计划	C类	R2	可参与认购
4364	中信建投证券股份有限公司	668151413	中信建投安心收益集合资产管理计划	C类	R2	可参与认购
4365	国泰君安证券资产管理有限公司	771021000	国泰君安君得鑫集合资产管理计划(第1期)	A类	R2	可参与认购
4366	国泰君安证券资产管理有限公司	771021007	国泰君安君得鑫集合资产管理计划	A类	R2	可参与认购
4367	国泰君安证券资产管理有限公司	771021014	国泰君安君得鑫集合资产管理计划	A类	R2	可参与认购
4368	国泰君安证券资产管理有限公司	771021021	国泰君安君得鑫集合资产管理计划(第4期)	A类	R2	可参与认购
4369	国泰君安证券资产管理有限公司	771021028	国泰君安君得鑫集合资产管理计划	A类	R2	可参与认购
4370	国泰君安证券资产管理有限公司	771021035	国泰君安君得鑫集合资产管理计划	A类	R2	可参与认购
4371	国泰君安证券资产管理有限公司	771021042	国泰君安君得鑫集合资产管理计划(第7期)	A类	R2	可参与认购
4372	国泰君安证券资产管理有限公司	771021049	国泰君安君得鑫集合资产管理计划	A类	R2	可参与认购
4373	国泰君安证券资产管理有限公司	771021056	国泰君安君得鑫集合资产管理计划	A类	R2	可参与认购
4374	国泰君安证券资产管理有限公司	771021063	国泰君安君得鑫集合资产管理计划(第10期)	A类	R2	可参与认购
4375	国泰君安证券资产管理有限公司	771021070	国泰君安君得鑫集合资产管理计划	A类	R2	可参与认购
4376	国泰君安证券资产管理有限公司	771021077	国泰君安君得鑫集合资产管理计划	A类	R2	可参与认购
4377	国泰君安证券资产管理有限公司	771021084	国泰君安君得鑫集合资产管理计划(第13期)	A类	R2	可参与认购
4378	国泰君安证券资产管理有限公司	771021091	国泰君安君得鑫集合资产管理计划	A类	R2	可参与认购
4379	国泰君安证券资产管理有限公司	771021098	国泰君安君得鑫集合资产管理计划	A类	R2	可参与认购
4380	国泰君安证券资产管理有限公司	771021105	国泰君安君得鑫集合资产管理计划(第16期)	A类	R2	可参与认购
4381	国泰君安证券资产管理有限公司	771021112	国泰君安君得鑫集合资产管理计划	A类	R2	可参与认购
4382	国泰君安证券资产管理有限公司	771021119	国泰君安君得鑫集合资产管理计划	A类	R2	可参与认购
4383	国泰君安证券资产管理有限公司	771021126	国泰君安君得鑫集合资产管理计划(第19期)	A类	R2	可参与认购
4384	国泰君安证券资产管理有限公司	771021133	国泰君安君得鑫集合资产管理计划	A类	R2	可参与认购
4385	国泰君安证券资产管理有限公司	771021140	国泰君安君得鑫集合资产管理计划	A类	R2	可参与认购
4386	国泰君安证券资产管理有限公司	771021147	国泰君安君得鑫集合资产管理计划(第22期)	A类	R2	可参与认购
4387	国泰君安证券资产管理有限公司	771021154	国泰君安君得鑫集合资产管理计划	A类	R2	可参与认购
4388	国泰君安证券资产管理有限公司	771021161	国泰君安君得鑫集合资产管理计划	A类	R2	可参与认购
4389	国泰君安证券资产管理有限公司	771021168	国泰君安君得鑫集合资产管理计划(第25期)	A类	R2	可参与认购
4390	国泰君安证券资产管理有限公司	771021175	国泰君安君得鑫集合资产管理计划	A类	R2	可参与认购
4391	国泰君安证券资产管理有限公司	771021182	国泰君安君得鑫集合资产管理计划	A类	R2	可参与认购
4392	国泰君安证券资产管理有限公司	771021189	国泰君安君得鑫集合资产管理计划(第28期)	A类	R2	可参与认购
4393	国泰君安证券资产管理有限公司	771021196	国泰君安君得鑫集合资产管理计划	A类	R2	可参与认购
4394	国泰君安证券资产管理有限公司	771021203	国泰君安君得鑫集合资产管理计划	A类	R2	可参与认购
4395	国泰君安证券资产管理有限公司	771021210	国泰君安君得鑫集合资产管理计划(第31期)	A类	R2	可参与认购
4396	国泰君安证券资产管理有限公司	771021217	国泰君安君得鑫集合资产管理计划	A类	R2	可参与认购
4397	国泰君安证券资产管理有限公司	771021224	国泰君安君得鑫集合资产管理计划	A类	R2	可参与认购
4398	国泰君安证券资产管理有限公司	771021231	国泰君安君得鑫集合资产管理计划(第34期)	A类	R2	可参与认购
4399	国泰君安证券资产管理有限公司	771021238	国泰君安君得鑫集合资产管理计划	A类	R2	可参与认购
4400	国泰君安证券资产管理有限公司	771021245	国泰君安君得鑫集合资产管理计划	A类	R2	可参与认购
4401	国泰君安证券资产管理有限公司	771021252	国泰君安君得鑫集合资产管理计划(第37期)	A类	R2	可参与认购
4402	国泰君安证券资产管理有限公司	771021259	国泰君安君得鑫集合资产管理计划	A类	R2	可参与认购
4403	国泰君安证券资产管理有限公司	771021266	国泰君安君得鑫集合资产管理计划	A类	R2	可参与认购
4404	国泰君安证券资产管理有限公司	771021273	国泰君安君得鑫集合资产管理计划(第40期)	A类	R2	可参与认购
4405	国泰君安证券资产管理有限公司	771021280	国泰君安君得鑫集合资产管理计划	A类	R2	可参与认购
4406	国泰君安证券资产管理有限公司	771021287	国泰君安君得鑫集合资产管理计划	A类	R2	可参与认购
4407	国泰君安证券资产管理有限公司	771021294	国泰君安君得鑫集合资产管理计划(第43期)	A类	R2	可参与认购
4408	国泰君安证券资产管理有限公司	771021301	国泰君安君得鑫集合资产管理计划	A类	R2	可参与认购
4409	国泰君安证券资产管理有限公司	771021308	国泰君安君得鑫集合资产管理计划	A类	R2	可参与认购
4410	国泰君安证券资产管理有限公司	771021315	国泰君安君得鑫集合资产管理计划(第46期)	A类	R2	可参与认购
4411	国泰君安证券资产管理有限公司	771021322	国泰君安君得鑫集合资产管理计划	A类	R2	可参与认购
4412	国泰君安证券资产管理有限公司	771021329	国泰君安君得鑫集合资产管理计划	A类	R2	可参与认购
4413	国泰君安证券资产管理有限公司	771021336	国泰君安君得鑫集合资产管理计划(第49期)	A类	R2	可参与认购
4414	国泰君安证券资产管理有限公司	771021343	国泰君安君得鑫集合资产管理计划	A类	R2	可参与认购
4415	国泰君安证券资产管理有限公司	771021350	国泰君安君得鑫集合资产管理计划	A类	R2	可参与认购
4416	国泰君安证券资产管理有限公司	771021357	国泰君安君得鑫集合资产管理计划(第52期)	A类	R2	可参与认购
4417	国泰君安证券资产管理有限公司	771021364	国泰君安君得鑫集合资产管理计划	A类	R2	可参与认购
4418	国泰君安证券资产管理有限公司	771021371	国泰君安君得鑫集合资产管理计划	A类	R2	可参与认购
4419	国泰君安证券资产管理有限公司	771021378	国泰君安君得鑫集合资产管理计划(第55期)	A类	R2	可参与认购
4420	国泰君安证券资产管理有限公司	771021385	国泰君安君得鑫集合资产管理计划	A类	R2	可参与认购
4421	国泰君安证券资产管理有限公司	771021392	国泰君安君得鑫集合资产管理计划	A类	R2	可参与认购
4422	国泰君安证券资产管理有限公司	771021399	国泰君安君得鑫集合资产管理计划(第58期)	A类	R2	可参与认购
4423	国泰君安证券资产管理有限公司	771021406	国泰君安君得鑫集合资产管理计划	A类	R2	可参与认购
4424	国泰君安证券资产管理有限公司	771021413	国泰君安君得鑫集合资产管理计划	A类	R2	可参与认购
4425	国泰君安证券资产管理有限公司	771021420	国泰君安君得鑫集合资产管理计划(第61期)	A类	R2	可参与认购
4426	国泰君安证券资产管理有限公司	771021427	国泰君安君得鑫集合资产管理计划	A类	R2	可参与认购
4427	国泰君安证券资产管理有限公司	771021434	国泰君安君得鑫集合资产管理计划	A类	R2	可参与认购
4428	国泰君安证券资产管理有限公司	771021441	国泰君安君得鑫集合资产管理计划(第64期)	A类	R2	可参与认购
4429	国泰君安证券资产管理有限公司	771021448	国泰君安君得鑫集合资产管理计划	A类	R2	可参与认购
4430	国泰君安证券资产管理有限公司	771021455	国泰君安君得鑫集合资产管理计划	A类	R2	可参与认购
4431	国泰君安证券资产管理有限公司	771021462	国泰君安君得鑫集合资产管理计划(第67期)	A类	R2	可参与认购
4432	国泰君安证券资产管理有限公司	771021469	国泰君安君得鑫集合资产管理计划	A类	R2	可参与认购
4433	国泰君安证券资产管理有限公司	771021476	国泰君安君得鑫集合资产管理计划	A类	R2	可参与认购
4434	国泰君安证券资产管理有限公司	771021483	国泰君安君得鑫集合资产管理计划(第70期)	A类	R2	可参与认购
4435	国泰君安证券资产管理有限公司	771021490	国泰君安君得鑫集合资产管理计划	A类	R2	可参与认购
4436	国泰君安证券资产管理有限公司	771021497	国泰君安君得鑫集合资产管理计划	A类	R2	可参与认购
4437	国泰君安证券资产管理有限公司	771021504	国泰君安君得鑫集合资产管理计划(第73期)	A类	R2	可参与认购
4438	国泰君安证券资产管理有限公司	771021511	国泰君安君得鑫集合资产管理计划	A类	R2	可参与认购
4439	国泰君安证券资产管理有限公司	771021518	国泰君安君得鑫集合资产管理计划	A类	R2	可参与认购
4440	国泰君安证券资产管理有限公司	771021525	国泰君安君得鑫集合资产管理计划(第76期)	A类	R2	可参与认购
4441	国泰君安证券资产管理有限公司	771021532	国泰君安君得鑫集合资产管理计划	A类	R2	可参与认购
4442	国泰君安证券资产管理有限公司	771021539	国泰君安君得鑫集合资产管理计划	A类	R2	可参与认购
4443	国泰君安证券资产管理有限公司	771021546	国泰君安君得鑫集合资产管理计划(第79期)	A类	R2	可参与认购
4444	国泰君安证券资产管理有限公司	771021553	国泰君安君得鑫集合资产管理计划	A类	R2	可参与认购
4445	国泰君安证券资产管理有限公司	771021560	国泰君安君得鑫集合资产管理计划	A类	R2	可参与认购
4446	国泰君安证券资产管理有限公司	771021567	国泰君安君得鑫集合资产管理计划(第82期)	A类	R2	可参与认购
4447	国泰君安证券资产管理有限公司	771021574	国泰君安君得鑫集合资产管理计划	A类	R2	可参与认购
4448	国泰君安证券资产管理有限公司	771021581	国泰君安君得鑫集合资产管理计划	A类	R2	可参与认购
4449	国泰君安证券资产管理有限公司	771021588	国泰君安君得鑫集合资产管理计划(第85期)	A类	R2	可参与认购
4450	国泰君安证券资产管理有限公司	771021595	国泰君安君得鑫集合资产管理计划	A类	R2	可参与认购
4451	国泰君安证券资产管理有限公司	771021602	国泰君安君得鑫集合资产管理计划	A类	R2	可参与认购
4452	国泰君安证券资产管理有限公司	771021609	国泰君安君得鑫集合资产管理计划(第88期)	A类	R2	可参与认购
4453	国泰君安证券资产管理有限公司	771021616	国泰君安君得鑫集合资产管理计划	A类	R2	可参与认购
4454	国泰君安证券资产管理有限公司	771021623	国泰君安君得鑫集合资产管理计划	A类	R2	可参与认购
4457	东方证券资产管理有限公司	990311000	东方红睿丰混合型集合资产管理计划(第1期)	A类	R3	可参与认购
4458	东方证券资产管理有限公司	990311007	东方红睿丰混合型集合资产管理计划	A类	R3	可参与认购
4459	东方证券资产管理有限公司	990311014	东方红睿丰混合型集合资产管理计划	A类	R3	可参与认购
4460	东方证券资产管理有限公司	990311021	东方红睿丰混合型集合资产管理计划(第4期)	A类	R3	可参与认购
4461	东方证券资产管理有限公司	990311028	东方红睿丰混合型集合资产管理计划	A类	R3	可参与认购
4462	东方证券资产管理有限公司	990311035	东方红睿丰混合型集合资产管理计划	A类	R3	可参与认购
4463	东方证券资产管理有限公司	990311042	东方红睿丰混合型集合资产管理计划(第7期)	A类	R3	可参与认购
4464	东方证券资产管理有限公司	990311049	东方红睿丰混合型集合资产管理计划	A类	R3	可参与认购
4465	东方证券资产管理有限公司	990311056	东方红睿丰混合型集合资产管理计划	A类	R3	可参与认购
4466	东方证券资产管理有限公司	990311063	东方红睿丰混合型集合资产管理计划(第10期)	A类	R3	可参与认购
4467	东方证券资产管理有限公司	990311070	东方红睿丰混合型集合资产管理计划	A类	R3	可参与认购
4468	东方证券资产管理有限公司	990311077	东方红睿丰混合型集合资产管理计划	A类	R3	可参与认购
4469	东方证券资产管理有限公司	990311084	东方红睿丰混合型集合资产管理计划(第13期)	A类	R3	可参与认购
4470	东方证券资产管理有限公司	990311091	东方红睿丰混合型集合资产管理计划	A类	R3	可参与认购
4471	东方证券资产管理有限公司	990311098	东方红睿丰混合型集合资产管理计划	A类	R3	可参与认购
4472	东方证券资产管理有限公司	990311105	东方红睿丰混合型集合资产管理计划(第16期)	A类	R3	可参与认购
4473	东方证券资产管理有限公司	990311112	东方红睿丰混合型集合资产管理计划	A类	R3	可参与认购
4474	东方证券资产管理有限公司	990311119	东方红睿丰混合型集合资产管理计划	A类	R3	可参与认购
4475	东方证券资产管理有限公司	990311126	东方红睿丰混合型集合资产管理计划(第19期)	A类	R3	可参与认购
4476	东方证券资产管理有限公司	990311133	东方红睿丰混合型集合资产管理计划	A类	R3	可参与认购
4477	东方证券资产管理有限公司	990311140	东方红睿丰混合型集合资产管理计划	A类	R3	可参与认购
4478	东方证券资产管理有限公司	990311147	东方红睿丰混合型集合资产管理计划(第22期)	A类	R3	可参与认购
4479	东方证券资产管理有限公司	990311154	东方红睿丰混合型集合资产管理计划	A类	R3	可参与认购
4480	东方证券资产管理有限公司	990311161	东方红睿丰混合型集合资产管理计划	A类	R3	可参与认购
4481	东方证券资产管理有限公司	990311168	东方红睿丰混合型集合资产管理计划(第25期)	A类	R3	可参与认购
4482	东方证券资产管理有限公司	990311175	东方红睿丰混合型集合资产管理计划	A类	R3	可参与认购
4483	东方证券资产管理有限公司	990311182	东方红睿丰混合型集合资产管理计划	A类	R3	可参与认购
4484	东方证券资产管理有限公司	990311189	东方红睿丰混合型集合资产管理计划(第28期)	A类	R3	可参与认购
4485	东方证券资产管理有限公司	990311196	东方红睿丰混合型集合资产管理计划	A类	R3	可参与认购
4486	东方证券资产管理有限公司	990311203	东方红睿丰混合型集合资产管理计划	A类	R3	可参与认购
4487	东方证券资产管理有限公司	990311210	东方红睿丰混合型集合资产管理计划(第31期)	A类	R3	可参与认购
4488	东方证券资产管理有限公司	990311217	东方红睿丰混合型集合资产管理计划	A类	R3	可参与认购
4489	东方证券资产管理有限公司	990311224	东方红睿丰混合型集合资产管理计划	A类	R3	可参与认购
4490	东方证券资产管理有限公司	990311231	东方红睿丰混合型集合资产管理计划(第34期)	A类	R3	可参与认购
4491	东方证券资产管理有限公司	990311238	东方红睿丰混合型集合资产管理计划	A类	R3	可参与认购
4492	东方证券资产管理有限公司	990311245	东方红睿丰混合型集合资产管理计划	A类	R3	可参与认购
4493	东方证券资产管理有限公司	990311252	东方红睿丰混合型集合资产管理计划(第37期)	A类	R3	可参与认购
4494	东方证券资产管理有限公司	990311259	东方红睿丰混合型集合资产管理计划	A类	R3	可参与认购
4495	东方证券资产管理有限公司	990311266	东方红睿丰混合型集合资产管理计划	A类	R3	可参与认购
4496	东方证券资产管理有限公司	990311273	东方红睿丰混合型集合资产管理计划(第40期)	A类	R3	可参与认购
4497	东方证券资产管理有限公司	990311280	东方红睿丰混合型集合资产管理计划	A类	R3	可参与认购
4498	东方证券资产管理有限公司	990311287	东方红睿丰混合型集合资产管理计划	A类	R3	可参与认购
4499	东方证券资产管理有限公司	990311294	东方红睿丰混合型集合资产管理计划(第43期)	A类	R3	可参与认购
4500	东方证券资产管理有限公司	990311301	东方红睿丰混合型集合资产管理计划	A类	R3	可参与认购
4501	国泰君安证券资产管理有限公司	772151000	国泰君安君享季季鑫集合资产管理计划(第1期)	A类	R2	可参与认购
4502	国泰君安证券资产管理有限公司	772151007	国泰君安君享季季鑫集合资产管理计划	A类	R2	可参与认购
4503	国泰君安证券资产管理有限公司	772151014	国泰君安君享季季鑫集合资产管理计划	A类	R2	可参与认购
4504	国泰君安证券资产管理有限公司	772151021	国泰君安君享季季鑫集合资产管理计划(第4期)	A类	R2	可参与认购
4505	国泰君安证券资产管理有限公司	772151028	国泰君安君享季季鑫集合资产管理计划	A类	R2	可参与认购
4506	国泰君安证券资产管理有限公司	772151035	国泰君安君享季季鑫集合资产管理计划	A类	R2	可参与认购
4507	国泰君安证券资产管理有限公司	772151042	国泰君安君享季季鑫集合资产管理计划(第7期)	A类	R2	可参与认购
4508	国泰君安证券资产管理有限公司	772151049	国泰君安君享季季鑫集合资产管理计划	A类	R2	可参与认购
4509	国泰君安证券资产管理有限公司	772151056	国泰君安君享季季鑫集合资产管理计划	A类	R2	可参与认购
4510	国泰君安证券资产管理有限公司	772151063	国泰君安君享季季鑫集合资产管理计划(第10期)	A类	R2	可参与认购
4511	国泰君安证券资产管理有限公司	772151070	国泰君安君享季季鑫集合资产管理计划	A类	R2	可参与认购
4512	国泰君安证券资产管理有限公司	772151077	国泰君安君享季季鑫集合资产管理计划	A类	R2	可参与认购
4513	国泰君安证券资产管理有限公司	772151084	国泰君安君享季季鑫集合资产管理计划(第13期)	A类	R2	可参与认购
4514	国泰君安证券资产管理有限公司	772151091	国泰君安君享季季鑫集合资产管理计划	A类	R2	可参与认购
4515	国泰君安证券资产管理有限公司	772151098	国泰君安君享季季鑫集合资产管理计划	A类	R2	可参与认购
4516	国泰君安证券资产管理有限公司	772151105	国泰君安君享季季鑫集合资产管理计划(第16期)	A类	R2	可参与认购
4517	国泰君安证券资产管理有限公司	772151112	国泰君安君享季季鑫集合资产管理计划	A类	R2	可参与认购
4518	国泰君安证券资产管理有限公司	772151119	国泰君安君享季季鑫集合资产管理计划	A类	R2	可参与认购
4519	国泰君安证券资产管理有限公司	772151126	国泰君安君享季季鑫集合资产管理计划(第19期)	A类	R2	可参与认购
4520	国泰君安证券资产管理有限公司	772151133	国泰君安君享季季鑫集合资产管理计划	A类	R2	可参与认购
4521	国泰君安证券资产管理有限公司	772151140	国泰君安君享季季鑫集合资产管理计划	A类	R2	可参与认购
4522	国泰君安证券资产管理有限公司	772151147	国泰君安君享季季鑫集合资产管理计划(第22期)	A类	R2	可参与认购
4523	国泰君安证券资产管理有限公司	772151154	国泰君安君享季季鑫集合资产管理计划	A类	R2	可参与认购
4524	国泰君安证券资产管理有限公司	772151161	国泰君安君享季季鑫集合资产管理计划	A类	R2	可参与认购
4525	国泰君安证券资产管理有限公司	772151168	国泰君安君享季季鑫集合资产管理计划(第25期)	A类	R2	可参与认购
4526	国泰君安证券资产管理有限公司	772151175	国泰君安君享季季鑫集合资产管理计划	A类	R2	可参与认购
4527	国泰君安证券资产管理有限公司	772151182	国泰君安君享季季鑫集合资产管理计划	A类	R2	可参与认购
4528	国泰君安证券资产管理有限公司	772151189	国泰君安君享季季鑫集合资产管理计划(第28期)	A类	R2	可参与认购
4529	国泰君安证券资产管理有限公司	772151196	国泰君安君享季季鑫集合资产管理计划	A类	R2	可参与认购
4530	国泰君安证券资产管理有限公司	772151203	国泰君安君享季季鑫集合资产管理计划	A类	R2	可参与认购
4531	国泰君安证券资产管理有限公司	772151210	国泰君安君享季季鑫集合资产管理计划(第31期)	A类	R2	可参与认购
4532	国泰君安证券资产管理有限公司	772151217	国泰君安君享季季鑫集合资产管理计划	A类	R2	可参与认购
4533	国泰君安证券资产管理有限公司	772151224	国泰君安君享季季鑫集合资产管理计划	A类	R2	可参与认购
4534	国泰君安证券资产管理有限公司	772151231	国泰君安君享季季鑫集合资产管理计划(第34期)	A类	R2	可参与认购
4535	国泰君安证券资产管理有限公司	772151238	国泰君安君享季季鑫集合资产管理计划	A类	R2	可参与认购
4536	国泰君安证券资产管理有限公司	772151245	国泰君安君享季季鑫集合资产管理计划	A类	R2	可参与认购
4537	国泰君安证券资产管理有限公司	772151252	国泰君安君享季季鑫集合资产管理计划(第37期)	A类	R2	可参与认购
4538	国泰君安证券资产管理有限公司	772151259	国泰君安君享季季鑫集合资产管理计划	A类	R2	可参与认购
4539	国泰君安证券资产管理有限公司	772151266	国泰君安君享季季鑫集合资产管理计划	A类	R2	可参与认购
4540	国泰君安证券资产管理有限公司	772151273	国泰君安君享季季鑫集合资产管理计划(第40期)	A类	R2	可参与认购
4541	国泰君安证券资产管理有限公司	772151280	国泰君安君享季季鑫集合资产管理计划	A类	R2	可参与认购
4542	国泰君安证券资产管理有限公司	772151287	国泰君安君享季季鑫集合资产管理计划	A类	R2	可参与认购
4543	国泰君安证券资产管理有限公司	772151294	国泰君安君享季季鑫集合资产管理计划(第43期)	A类	R2	可参与认购
4544	国泰君安证券资产管理有限公司	772151301	国泰君安君享季季鑫集合资产管理计划	A类	R2	可参与认购
4545	国泰君安证券资产管理有限公司	772151308	国泰君安君享季季鑫集合资产管理计划	A类	R2	可参与认购
4546	国泰君安证券资产管理有限公司	772151315	国泰君安君享季季鑫集合资产管理计划(第46期)	A类	R2	可参与认购
4547	国泰君安证券资产管理有限公司	772151322	国泰君安君享季季鑫集合资产管理计划	A类	R2	可参与认购
4548	国泰君安证券资产管理有限公司	772151329	国泰君安君享季季鑫集合资产管理计划	A类	R2	可参与认购
4549	国泰君安证券资产管理有限公司	772151336	国泰君安君享季季鑫集合资产管理计划(第49期)	A类	R2	可参与认购
4550	国泰君安证券资产管理有限公司	772151343	国泰君安君享季季鑫集合资产管理计划	A类	R2	可参与认购
4551	国泰君安证券资产管理有限公司	772151350	国泰君安君享季季鑫集合资产管理计划	A类	R2	可参与认购
4552	国泰君安证券资产管理有限公司	772151357	国泰君安君享季季鑫集合资产管理计划(第52期)	A类	R2	可参与认购
4553	国泰君安证券资产管理有限公司	772151364	国泰君安君享季季鑫集合资产管理计划	A类	R2	可参与认购
4554	国泰君安证券资产管理有限公司	772151371	国泰君安君享季季鑫集合资产管理计划	A类	R2	可参与认购
4555	国泰君安证券资产管理有限公司	772151378	国泰君安君享季季鑫集合资产管理计划(第55期)	A类	R2	可参与认购
4556	国泰君安证券资产管理有限公司	772151385	国泰君安君享季季鑫集合资产管理计划	A类	R2	可参与认购
4557	国泰君安证券资产管理有限公司	772151392	国泰君安君享季季鑫集合资产管理计划	A类	R2	可参与认购
4558	国泰君安证券资产管理有限公司	772151399	国泰君安君享季季鑫集合资产管理计划(第58期)	A类	R2	可参与认购
4559	国泰君安证券资产管理有限公司	772151406	国泰君安君享季季鑫集合资产管理计划	A类	R2	可参与认购
4560	国泰君安证券资产管理有限公司	772151413	国泰君安君享季季鑫集合资产管理计划	A类	R2	可参与认购
4561	国泰君安证券资产管理有限公司	772151420	国泰君安君享季季鑫集合资产管理计划(第61期)	A类	R2	可参与认购
4562	国泰君安证券资产管理有限公司	772151427	国泰君安君享季季鑫集合资产管理计划	A类	R2	可参与认购
4563	国泰君安证券资产管理有限公司	772151434	国泰君安君享季季鑫集合资产管理计划	A类	R2	可参与认购
4564	国泰君安证券资产管理有限公司	772151441	国泰君安君享季季鑫集合资产管理计划(第64期)	A类	R2	可参与认购
4565	国泰君安证券资产管理有限公司	772151448	国泰君安君享季季鑫集合资产管理计划	A类	R2	可参与认购
4566	国泰君安证券资产管理有限公司	772151455	国泰君安君享季季鑫集合资产管理计划	A类	R2	可参与认购
4567	国泰君安证券资产管理有限公司	772151462	国泰君安君享季季鑫集合资产管理计划(第67期)	A类	R2	可参与认购
4568	国泰君安证券资产管理有限公司	772151469	国泰君安君享季季鑫集合资产管理计划	A类	R2	可参与认购
4569	国泰君安证券资产管理有限公司	772151476	国泰君安君享季季鑫集合资产管理计划	A类	R2	可参与认购
4570	国泰君安证券资产管理有限公司	772151483	国泰君安君享季季鑫集合资产管理计划(第70期)	A类	R2	可参与认购
4571	国泰君安证券资产管理有限公司	772151490	国泰君安君享季季鑫集合资产管理计划	A类	R2	可参与认购
4572	国泰君安证券资产管理有限公司	772151497	国泰君安君享季季鑫集合资产管理计划	A类	R2	可参与认购
4573	国泰君安证券资产管理有限公司	772151504	国泰君安君享季季鑫集合资产管理计划(第73期)	A类	R2	可参与认购
4574	国泰君安证券资产管理有限公司	772151511	国泰君安君享季季鑫集合资产管理计划	A类	R2	可参与认购
4575	国泰君安证券资产管理有限公司	772151518	国泰君安君享季季鑫集合资产管理计划	A类	R2	可参与认购
4576	国泰君安证券资产管理有限公司	772151525	国泰君安君享季季鑫集合资产管理计划(第76期)	A类	R2	可参与认购
4577	光大证券资产管理有限公司	553061000	光大阳光稳健添利集合资产管理计划(第1期)	B类	R2	可参与认购
4578	光大证券资产管理有限公司	553061007	光大阳光稳健添利集合资产管理计划	B类	R2	可参与认购
4579	光大证券资产管理有限公司	553061014	光大阳光稳健添利集合资产管理计划	B类	R2	可参与认购
4580	光大证券资产管理有限公司	553061021	光大阳光稳健添利集合资产管理计划(第4期)	B类	R2	可参与认购
4581	光大证券资产管理有限公司	553061028	光大阳光稳健添利集合资产管理计划	B类	R2	可参与认购
4582	光大证券资产管理有限公司	553061035	光大阳光稳健添利集合资产管理计划	B类	R2	可参与认购
4583	光大证券资产管理有限公司	553061042	光大阳光稳健添利集合资产管理计划(第7期)	B类	R2	可参与认购
4584	光大证券资产管理有限公司	553061049	光大阳光稳健添利集合资产管理计划	B类	R2	可参与认购
4585	光大证券资产管理有限公司	553061056	光大阳光稳健添利集合资产管理计划	B类	R2	可参与认购
4586	光大证券资产管理有限公司	553061063	光大阳光稳健添利集合资产管理计划(第10期)	B类	R2	可参与认购
4587	光大证券资产管理有限公司	553061070	光大阳光稳健添利集合资产管理计划	B类	R2	可参与认购
4588	光大证券资产管理有限公司	553061077	光大阳光稳健添利集合资产管理计划	B类	R2	可参与认购
4589	光大证券资产管理有限公司	553061084	光大阳光稳健添利集合资产管理计划(第13期)	B类	R2	可参与认购
4590	光大证券资产管理有限公司	553061091	光大阳光稳健添利集合资产管理计划	B类	R2	可参与认购
4591	光大证券资产管理有限公司	553061098	光大阳光稳健添利集合资产管理计划	B类	R2	可参与认购
4592	光大证券资产管理有限公司	553061105	光大阳光稳健添利集合资产管理计划(第16期)	B类	R2	可参与认购
4593	光大证券资产管理有限公司	553061112	光大阳光稳健添利集合资产管理计划	B类	R2	可参与认购
4594	光大证券资产管理有限公司	553061119	光大阳光稳健添利集合资产管理计划	B类	R2	可参与认购
4595	光大证券资产管理有限公司	553061126	光大阳光稳健添利集合资产管理计划(第19期)	B类	R2	可参与认购
4596	光大证券资产管理有限公司	553061133	光大阳光稳健添利集合资产管理计划	B类	R2	可参与认购
4597	光大证券资产管理有限公司	553061140	光大阳光稳健添利集合资产管理计划	B类	R2	可参与认购
4598	光大证券资产管理有限公司	553061147	光大阳光稳健添利集合资产管理计划(第22期)	B类	R2	可参与认购
4599	光大证券资产管理有限公司	553061154	光大阳光稳健添利集合资产管理计划	B类	R2	可参与认购
4600	光大证券资产管理有限公司	553061161	光大阳光稳健添利集合资产管理计划	B类	R2	可参与认购
4601	光大证券资产管理有限公司	553061168	光大阳光稳健添利集合资产管理计划(第25期)	B类	R2	可参与认购
4602	光大证券资产管理有限公司	553061175	光大阳光稳健添利集合资产管理计划	B类	R2	可参与认购
4603	光大证券资产管理有限公司	553061182	光大阳光稳健添利集合资产管理计划	B类	R2	可参与认购
4604	光大证券资产管理有限公司	553061189	光大阳光稳健添利集合资产管理计划(第28期)	B类	R2	可参与认购
4605	光大证券资产管理有限公司	553061196	光大阳光稳健添利集合资产管理计划	B类	R2	可参与认购
4606	光大证券资产管理有限公司	553061203	光大阳光稳健添利集合资产管理计划	B类	R2	可参与认购
